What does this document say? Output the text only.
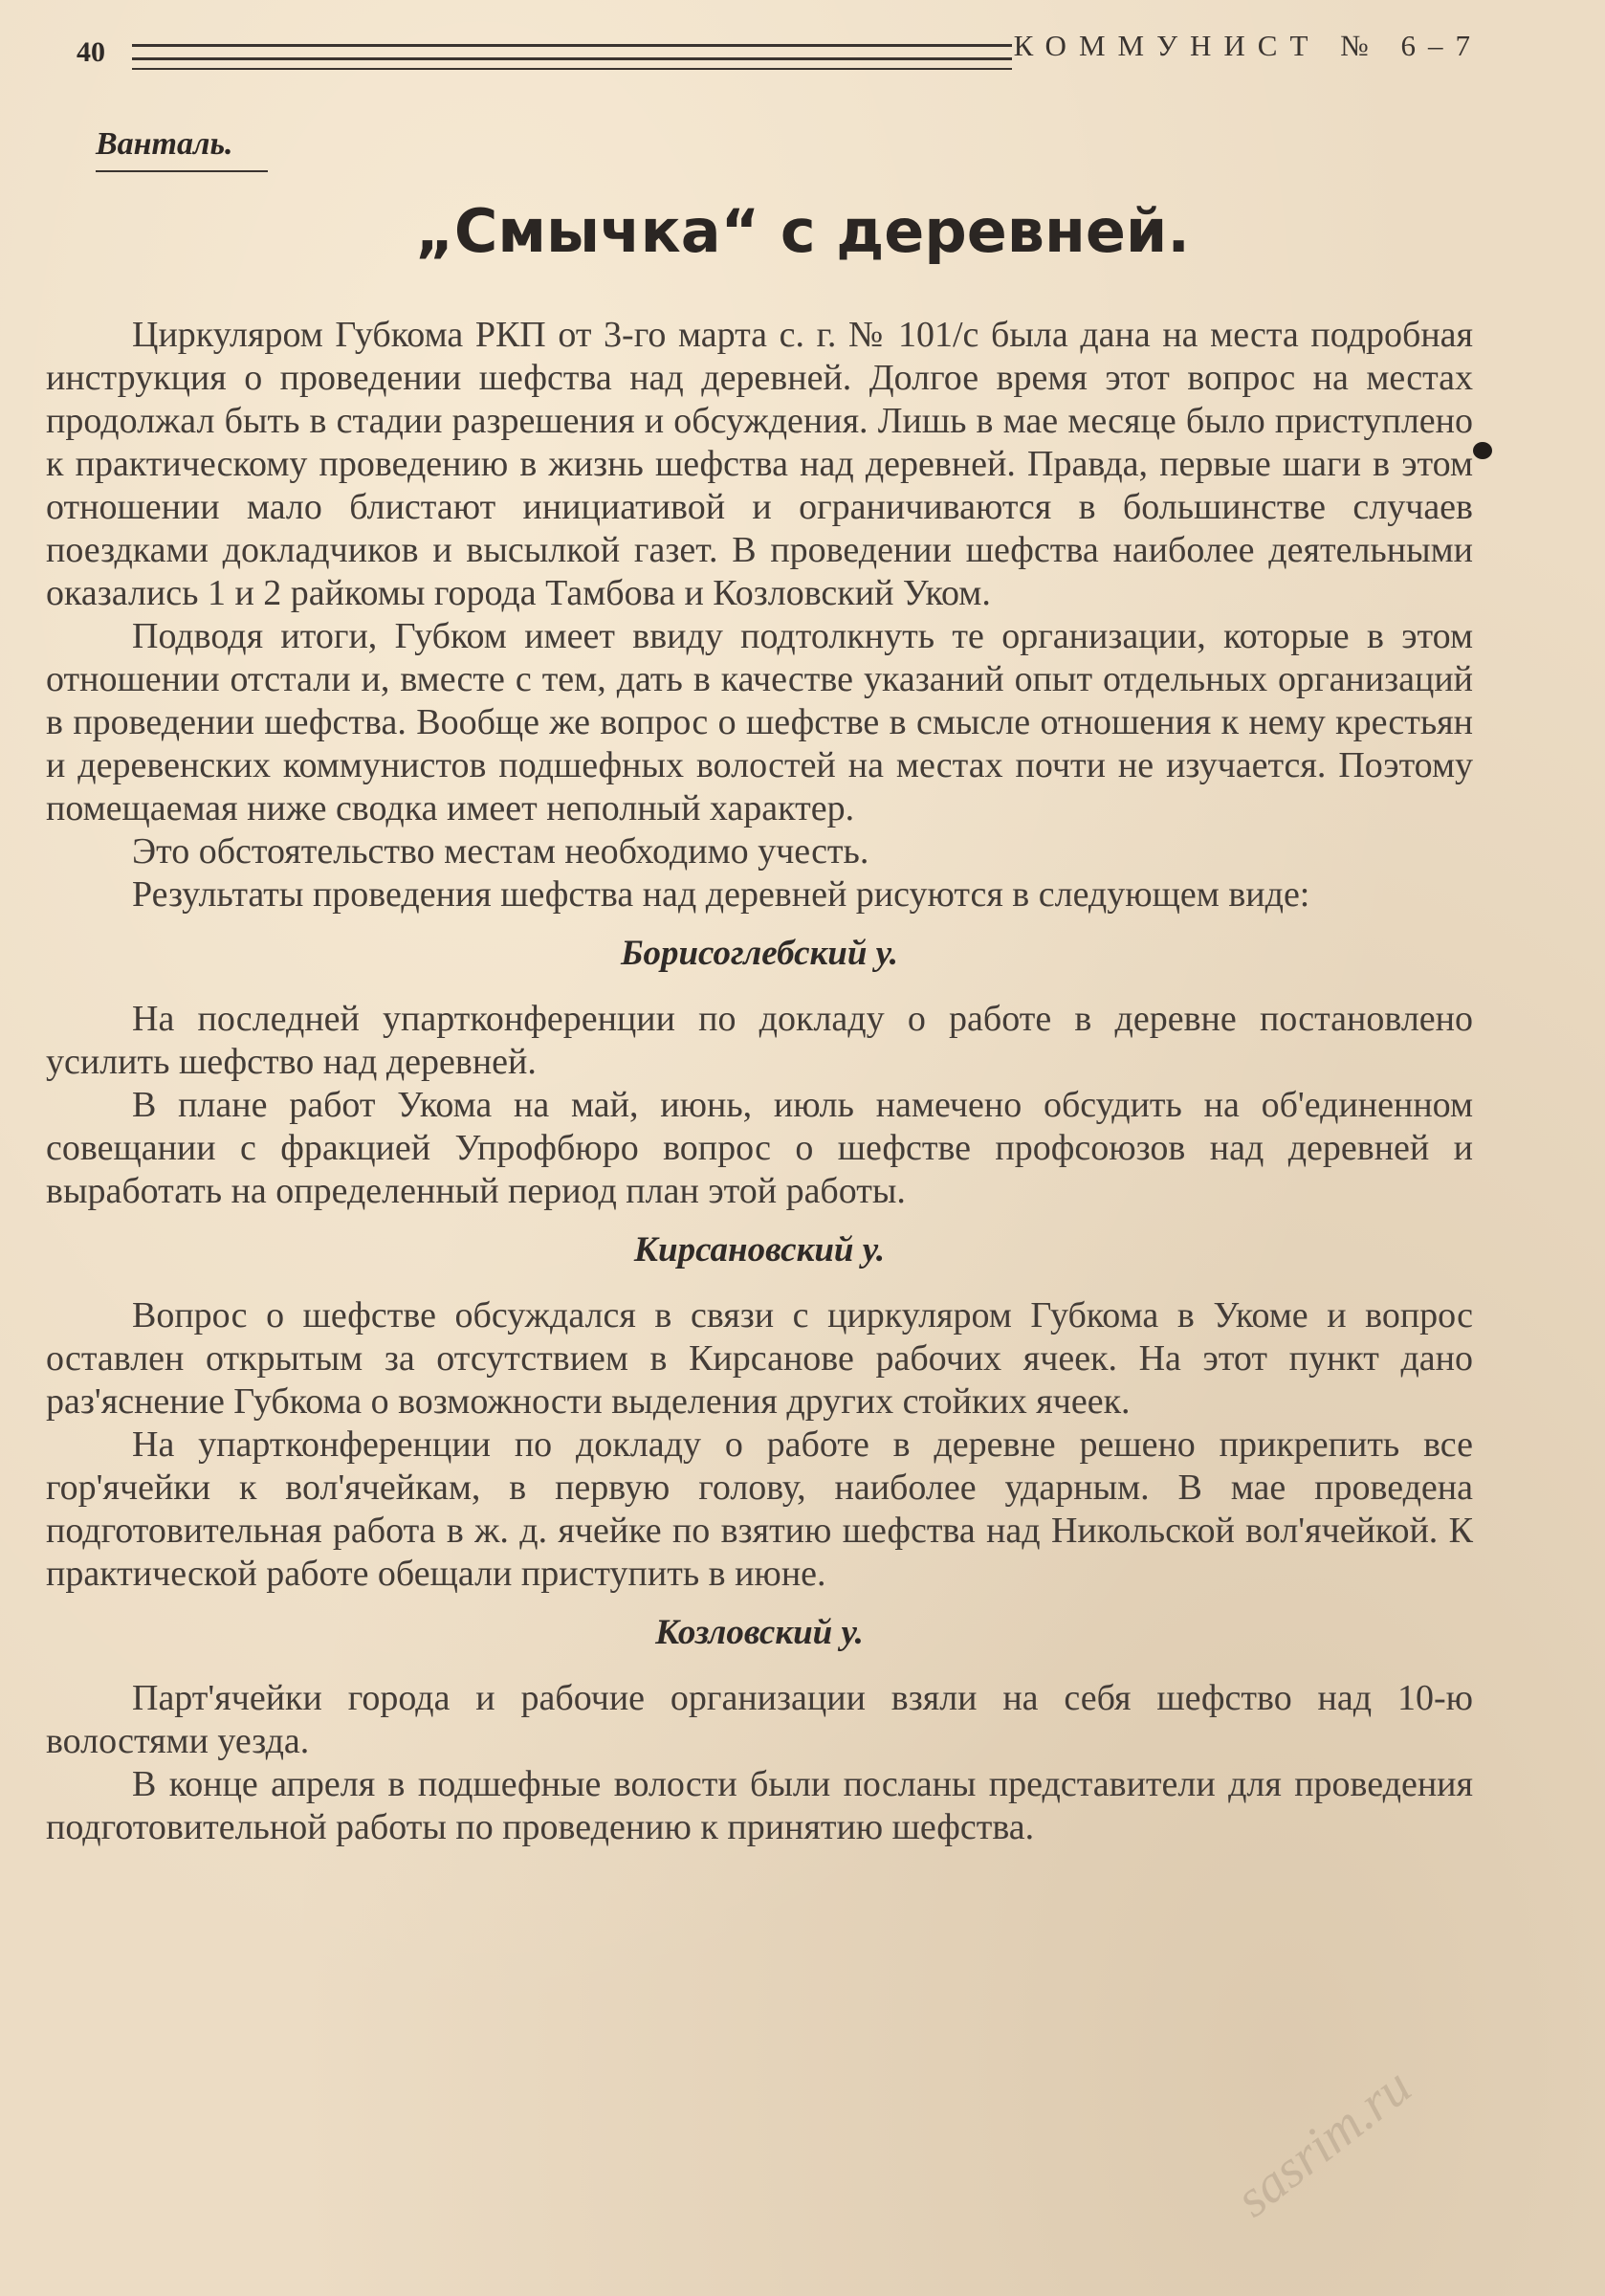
40	КОММУНИСТ № 6–7
Ванталь.
„Смычка“ с деревней.

Циркуляром Губкома РКП от 3-го марта с. г. № 101/с была дана на места подробная инструкция о проведении шефства над деревней. Долгое время этот вопрос на местах продолжал быть в стадии разрешения и обсуждения. Лишь в мае месяце было приступлено к практическому проведению в жизнь шефства над деревней. Правда, первые шаги в этом отношении мало блистают инициативой и ограничиваются в большинстве случаев поездками докладчиков и высылкой газет. В проведении шефства наиболее деятельными оказались 1 и 2 райкомы города Тамбова и Козловский Уком.

Подводя итоги, Губком имеет ввиду подтолкнуть те организации, которые в этом отношении отстали и, вместе с тем, дать в качестве указаний опыт отдельных организаций в проведении шефства. Вообще же вопрос о шефстве в смысле отношения к нему крестьян и деревенских коммунистов подшефных волостей на местах почти не изучается. Поэтому помещаемая ниже сводка имеет неполный характер.

Это обстоятельство местам необходимо учесть.

Результаты проведения шефства над деревней рисуются в следующем виде:

Борисоглебский у.

На последней упартконференции по докладу о работе в деревне постановлено усилить шефство над деревней.

В плане работ Укома на май, июнь, июль намечено обсудить на об'единенном совещании с фракцией Упрофбюро вопрос о шефстве профсоюзов над деревней и выработать на определенный период план этой работы.

Кирсановский у.

Вопрос о шефстве обсуждался в связи с циркуляром Губкома в Укоме и вопрос оставлен открытым за отсутствием в Кирсанове рабочих ячеек. На этот пункт дано раз'яснение Губкома о возможности выделения других стойких ячеек.

На упартконференции по докладу о работе в деревне решено прикрепить все гор'ячейки к вол'ячейкам, в первую голову, наиболее ударным. В мае проведена подготовительная работа в ж. д. ячейке по взятию шефства над Никольской вол'ячейкой. К практической работе обещали приступить в июне.

Козловский у.

Парт'ячейки города и рабочие организации взяли на себя шефство над 10-ю волостями уезда.

В конце апреля в подшефные волости были посланы представители для проведения подготовительной работы по проведению к принятию шефства.

sasrim.ru
